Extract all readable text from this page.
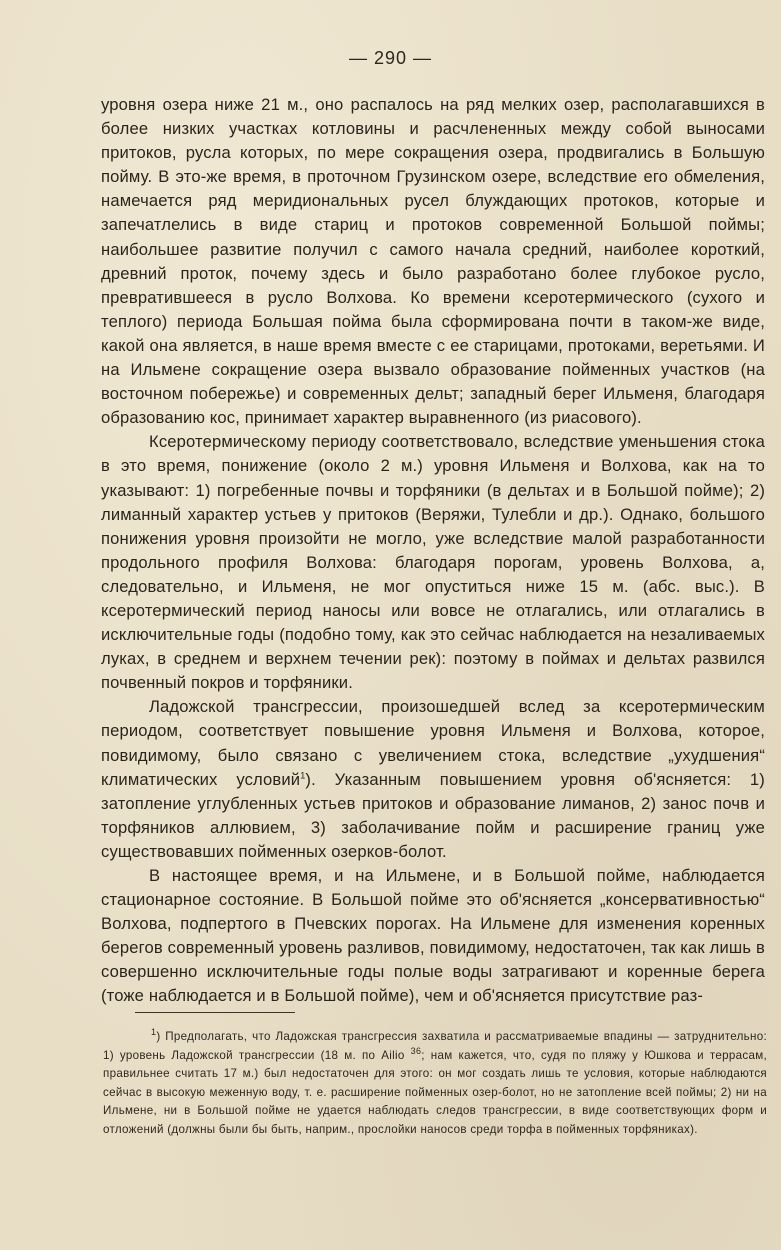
— 290 —

уровня озера ниже 21 м., оно распалось на ряд мелких озер, располагавшихся в более низких участках котловины и расчлененных между собой выносами притоков, русла которых, по мере сокращения озера, продвигались в Большую пойму. В это-же время, в проточном Грузинском озере, вследствие его обмеления, намечается ряд меридиональных русел блуждающих протоков, которые и запечатлелись в виде стариц и протоков современной Большой поймы; наибольшее развитие получил с самого начала средний, наиболее короткий, древний проток, почему здесь и было разработано более глубокое русло, превратившееся в русло Волхова. Ко времени ксеротермического (сухого и теплого) периода Большая пойма была сформирована почти в таком-же виде, какой она является, в наше время вместе с ее старицами, протоками, веретьями. И на Ильмене сокращение озера вызвало образование пойменных участков (на восточном побережье) и современных дельт; западный берег Ильменя, благодаря образованию кос, принимает характер выравненного (из риасового).

Ксеротермическому периоду соответствовало, вследствие уменьшения стока в это время, понижение (около 2 м.) уровня Ильменя и Волхова, как на то указывают: 1) погребенные почвы и торфяники (в дельтах и в Большой пойме); 2) лиманный характер устьев у притоков (Веряжи, Тулебли и др.). Однако, большого понижения уровня произойти не могло, уже вследствие малой разработанности продольного профиля Волхова: благодаря порогам, уровень Волхова, а, следовательно, и Ильменя, не мог опуститься ниже 15 м. (абс. выс.). В ксеротермический период наносы или вовсе не отлагались, или отлагались в исключительные годы (подобно тому, как это сейчас наблюдается на незаливаемых луках, в среднем и верхнем течении рек): поэтому в поймах и дельтах развился почвенный покров и торфяники.

Ладожской трансгрессии, произошедшей вслед за ксеротермическим периодом, соответствует повышение уровня Ильменя и Волхова, которое, повидимому, было связано с увеличением стока, вследствие „ухудшения“ климатических условий$^1$). Указанным повышением уровня об'ясняется: 1) затопление углубленных устьев притоков и образование лиманов, 2) занос почв и торфяников аллювием, 3) заболачивание пойм и расширение границ уже существовавших пойменных озерков-болот.

В настоящее время, и на Ильмене, и в Большой пойме, наблюдается стационарное состояние. В Большой пойме это об'ясняется „консервативностью“ Волхова, подпертого в Пчевских порогах. На Ильмене для изменения коренных берегов современный уровень разливов, повидимому, недостаточен, так как лишь в совершенно исключительные годы полые воды затрагивают и коренные берега (тоже наблюдается и в Большой пойме), чем и об'ясняется присутствие раз-

$^1$) Предполагать, что Ладожская трансгрессия захватила и рассматриваемые впадины — затруднительно: 1) уровень Ладожской трансгрессии (18 м. по Ailio $^{36}$; нам кажется, что, судя по пляжу у Юшкова и террасам, правильнее считать 17 м.) был недостаточен для этого: он мог создать лишь те условия, которые наблюдаются сейчас в высокую меженную воду, т. е. расширение пойменных озер-болот, но не затопление всей поймы; 2) ни на Ильмене, ни в Большой пойме не удается наблюдать следов трансгрессии, в виде соответствующих форм и отложений (должны были бы быть, наприм., прослойки наносов среди торфа в пойменных торфяниках).
